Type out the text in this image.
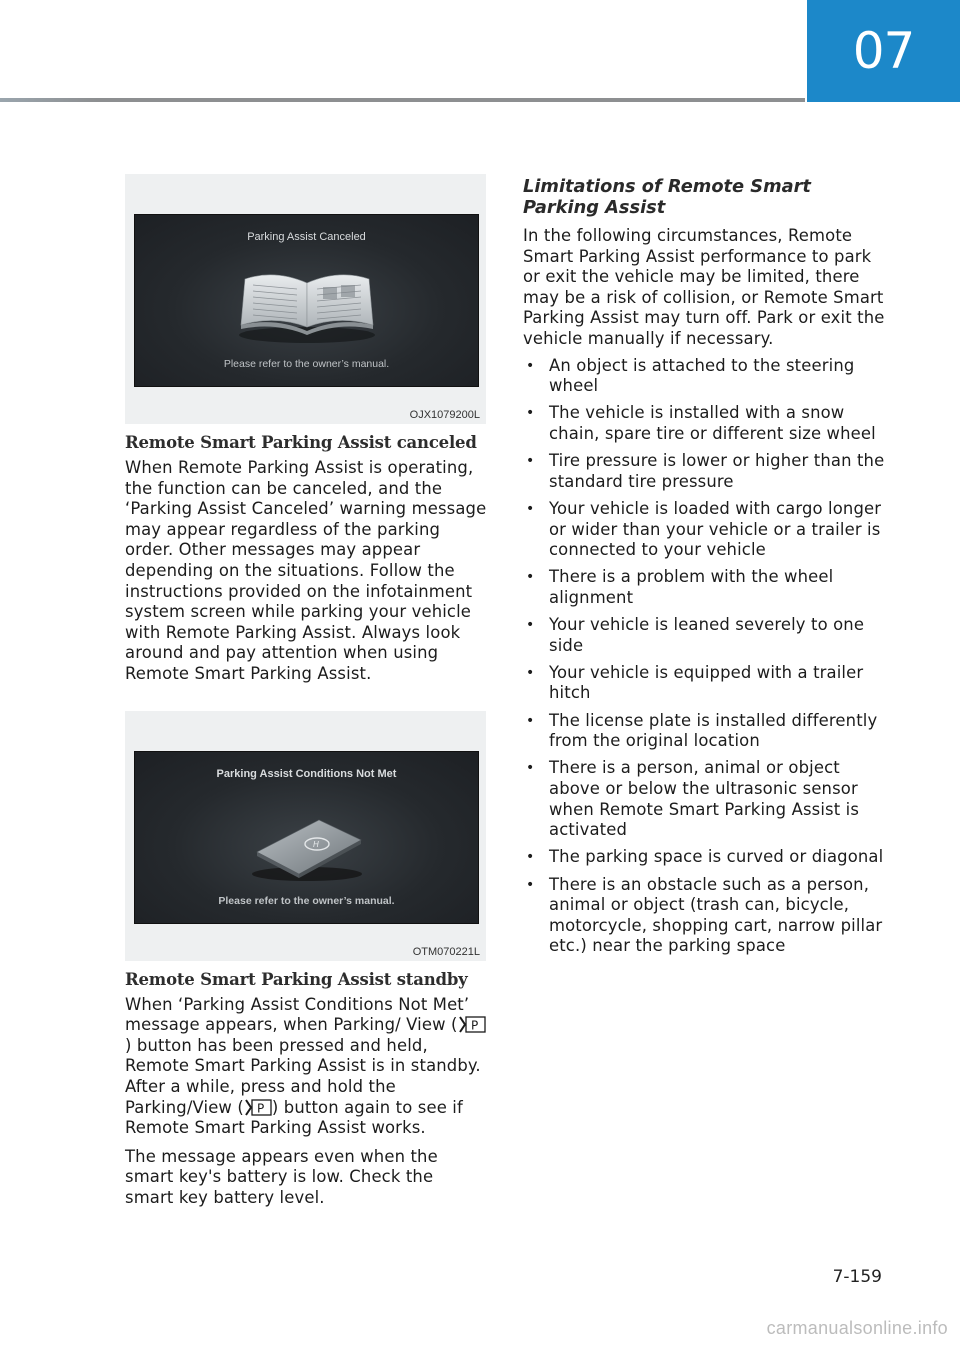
07
Parking Assist Canceled
Please refer to the owner’s manual.
OJX1079200L
Remote Smart Parking Assist canceled

When Remote Parking Assist is operating, the function can be canceled, and the ‘Parking Assist Canceled’ warning message may appear regardless of the parking order. Other messages may appear depending on the situations. Follow the instructions provided on the infotainment system screen while parking your vehicle with Remote Parking Assist. Always look around and pay attention when using Remote Smart Parking Assist.

Parking Assist Conditions Not Met
H
Please refer to the owner’s manual.
OTM070221L
Remote Smart Parking Assist standby

When ‘Parking Assist Conditions Not Met’ message appears, when Parking/ View ( P
) button has been pressed and held, Remote Smart Parking Assist is in standby. After a while, press and hold the Parking/View ( P ) button again to see if Remote Smart Parking Assist works.

The message appears even when the smart key's battery is low. Check the smart key battery level.

Limitations of Remote Smart Parking Assist

In the following circumstances, Remote Smart Parking Assist performance to park or exit the vehicle may be limited, there may be a risk of collision, or Remote Smart Parking Assist may turn off. Park or exit the vehicle manually if necessary.

• An object is attached to the steering wheel
• The vehicle is installed with a snow chain, spare tire or different size wheel
• Tire pressure is lower or higher than the standard tire pressure
• Your vehicle is loaded with cargo longer or wider than your vehicle or a trailer is connected to your vehicle
• There is a problem with the wheel alignment
• Your vehicle is leaned severely to one side
• Your vehicle is equipped with a trailer hitch
• The license plate is installed differently from the original location
• There is a person, animal or object above or below the ultrasonic sensor when Remote Smart Parking Assist is activated
• The parking space is curved or diagonal
• There is an obstacle such as a person, animal or object (trash can, bicycle, motorcycle, shopping cart, narrow pillar etc.) near the parking space
7-159
carmanualsonline.info
